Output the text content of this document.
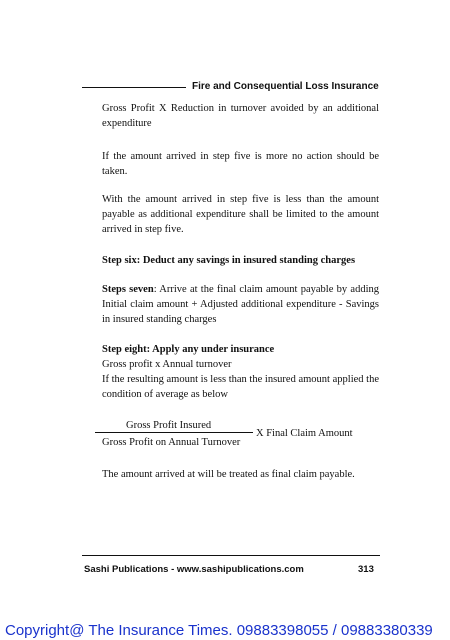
Fire and Consequential Loss Insurance
Gross Profit X Reduction in turnover avoided by an additional expenditure
If the amount arrived in step five is more no action should be taken.
With the amount arrived in step five is less than the amount payable as additional expenditure shall be limited to the amount arrived in step five.
Step six: Deduct any savings in insured standing charges
Steps seven: Arrive at the final claim amount payable by adding Initial claim amount + Adjusted additional expenditure - Savings in insured standing charges
Step eight: Apply any under insurance
Gross profit x Annual turnover
If the resulting amount is less than the insured amount applied the condition of average as below
Gross Profit Insured
Gross Profit on Annual Turnover
X Final Claim Amount
The amount arrived at will be treated as final claim payable.
Sashi Publications - www.sashipublications.com	313
Copyright@ The Insurance Times. 09883398055 / 09883380339
